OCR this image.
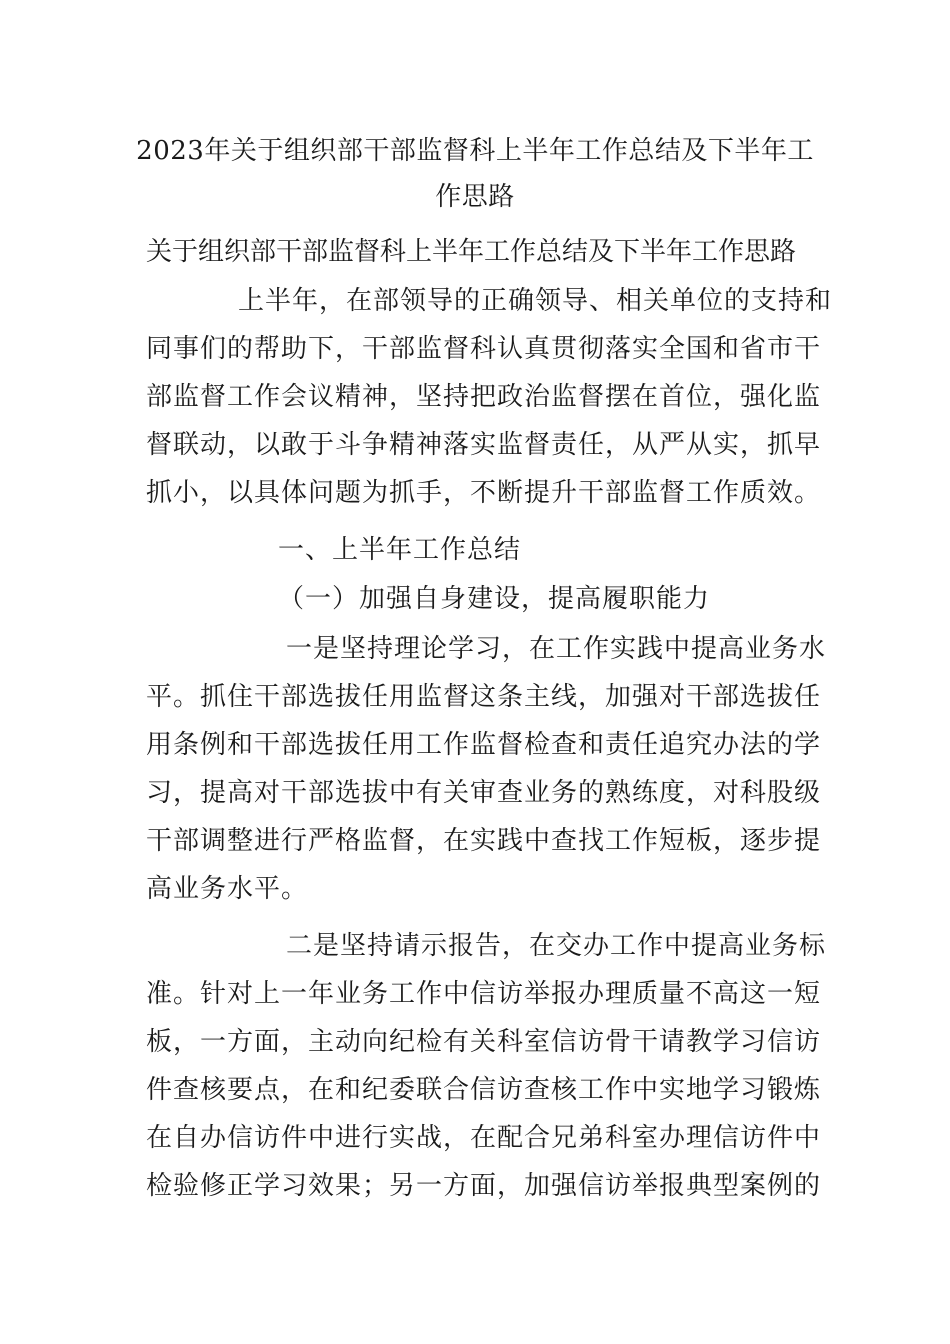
2023年关于组织部干部监督科上半年工作总结及下半年工
作思路
关于组织部干部监督科上半年工作总结及下半年工作思路
上半年，在部领导的正确领导、相关单位的支持和
同事们的帮助下，干部监督科认真贯彻落实全国和省市干
部监督工作会议精神，坚持把政治监督摆在首位，强化监
督联动，以敢于斗争精神落实监督责任，从严从实，抓早
抓小，以具体问题为抓手，不断提升干部监督工作质效。
一、上半年工作总结
（一）加强自身建设，提高履职能力
一是坚持理论学习，在工作实践中提高业务水
平。抓住干部选拔任用监督这条主线，加强对干部选拔任
用条例和干部选拔任用工作监督检查和责任追究办法的学
习，提高对干部选拔中有关审查业务的熟练度，对科股级
干部调整进行严格监督，在实践中查找工作短板，逐步提
高业务水平。
二是坚持请示报告，在交办工作中提高业务标
准。针对上一年业务工作中信访举报办理质量不高这一短
板，一方面，主动向纪检有关科室信访骨干请教学习信访
件查核要点，在和纪委联合信访查核工作中实地学习锻炼
在自办信访件中进行实战，在配合兄弟科室办理信访件中
检验修正学习效果；另一方面，加强信访举报典型案例的
